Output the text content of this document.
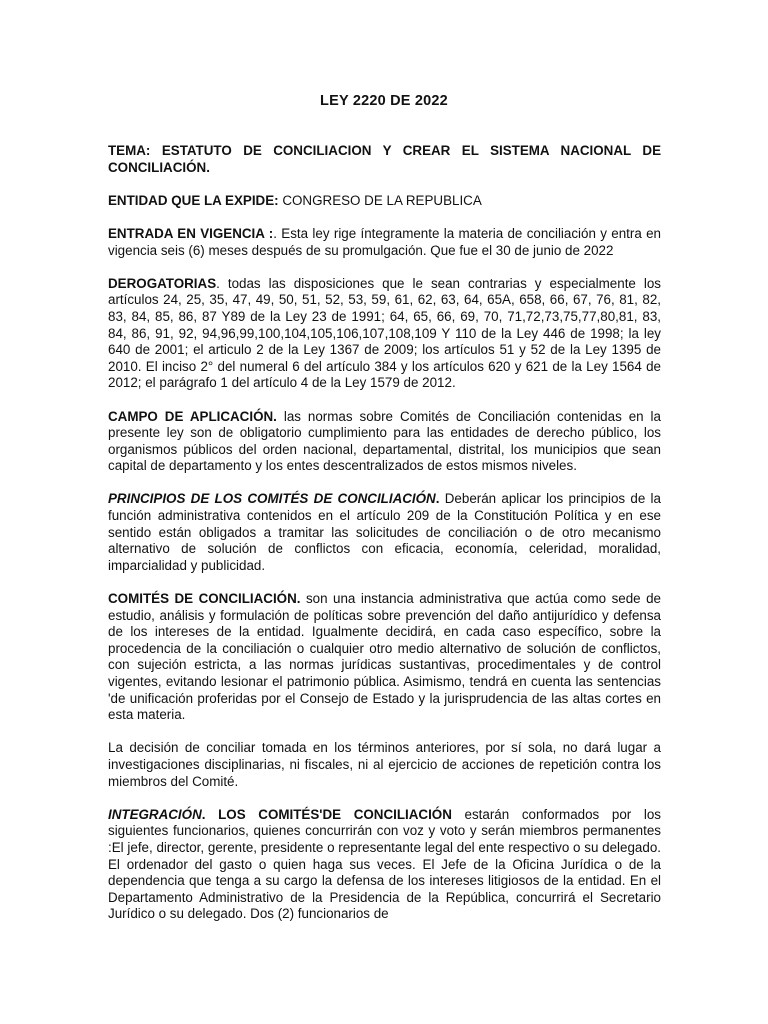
LEY 2220 DE 2022

TEMA: ESTATUTO DE CONCILIACION Y CREAR EL SISTEMA NACIONAL DE CONCILIACIÓN.

ENTIDAD QUE LA EXPIDE: CONGRESO DE LA REPUBLICA

ENTRADA EN VIGENCIA :. Esta ley rige íntegramente la materia de conciliación y entra en vigencia seis (6) meses después de su promulgación. Que fue el 30 de junio de 2022

DEROGATORIAS. todas las disposiciones que le sean contrarias y especialmente los artículos 24, 25, 35, 47, 49, 50, 51, 52, 53, 59, 61, 62, 63, 64, 65A, 658, 66, 67, 76, 81, 82, 83, 84, 85, 86, 87 Y89 de la Ley 23 de 1991; 64, 65, 66, 69, 70, 71,72,73,75,77,80,81, 83, 84, 86, 91, 92, 94,96,99,100,104,105,106,107,108,109 Y 110 de la Ley 446 de 1998; la ley 640 de 2001; el articulo 2 de la Ley 1367 de 2009; los artículos 51 y 52 de la Ley 1395 de 2010. El inciso 2° del numeral 6 del artículo 384 y los artículos 620 y 621 de la Ley 1564 de 2012; el parágrafo 1 del artículo 4 de la Ley 1579 de 2012.

CAMPO DE APLICACIÓN. las normas sobre Comités de Conciliación contenidas en la presente ley son de obligatorio cumplimiento para las entidades de derecho público, los organismos públicos del orden nacional, departamental, distrital, los municipios que sean capital de departamento y los entes descentralizados de estos mismos niveles.

PRINCIPIOS DE LOS COMITÉS DE CONCILIACIÓN. Deberán aplicar los principios de la función administrativa contenidos en el artículo 209 de la Constitución Política y en ese sentido están obligados a tramitar las solicitudes de conciliación o de otro mecanismo alternativo de solución de conflictos con eficacia, economía, celeridad, moralidad, imparcialidad y publicidad.

COMITÉS DE CONCILIACIÓN. son una instancia administrativa que actúa como sede de estudio, análisis y formulación de políticas sobre prevención del daño antijurídico y defensa de los intereses de la entidad. Igualmente decidirá, en cada caso específico, sobre la procedencia de la conciliación o cualquier otro medio alternativo de solución de conflictos, con sujeción estricta, a las normas jurídicas sustantivas, procedimentales y de control vigentes, evitando lesionar el patrimonio pública. Asimismo, tendrá en cuenta las sentencias 'de unificación proferidas por el Consejo de Estado y la jurisprudencia de las altas cortes en esta materia.

La decisión de conciliar tomada en los términos anteriores, por sí sola, no dará lugar a investigaciones disciplinarias, ni fiscales, ni al ejercicio de acciones de repetición contra los miembros del Comité.

INTEGRACIÓN. LOS COMITÉS'DE CONCILIACIÓN estarán conformados por los siguientes funcionarios, quienes concurrirán con voz y voto y serán miembros permanentes :El jefe, director, gerente, presidente o representante legal del ente respectivo o su delegado. El ordenador del gasto o quien haga sus veces. El Jefe de la Oficina Jurídica o de la dependencia que tenga a su cargo la defensa de los intereses litigiosos de la entidad. En el Departamento Administrativo de la Presidencia de la República, concurrirá el Secretario Jurídico o su delegado. Dos (2) funcionarios de
